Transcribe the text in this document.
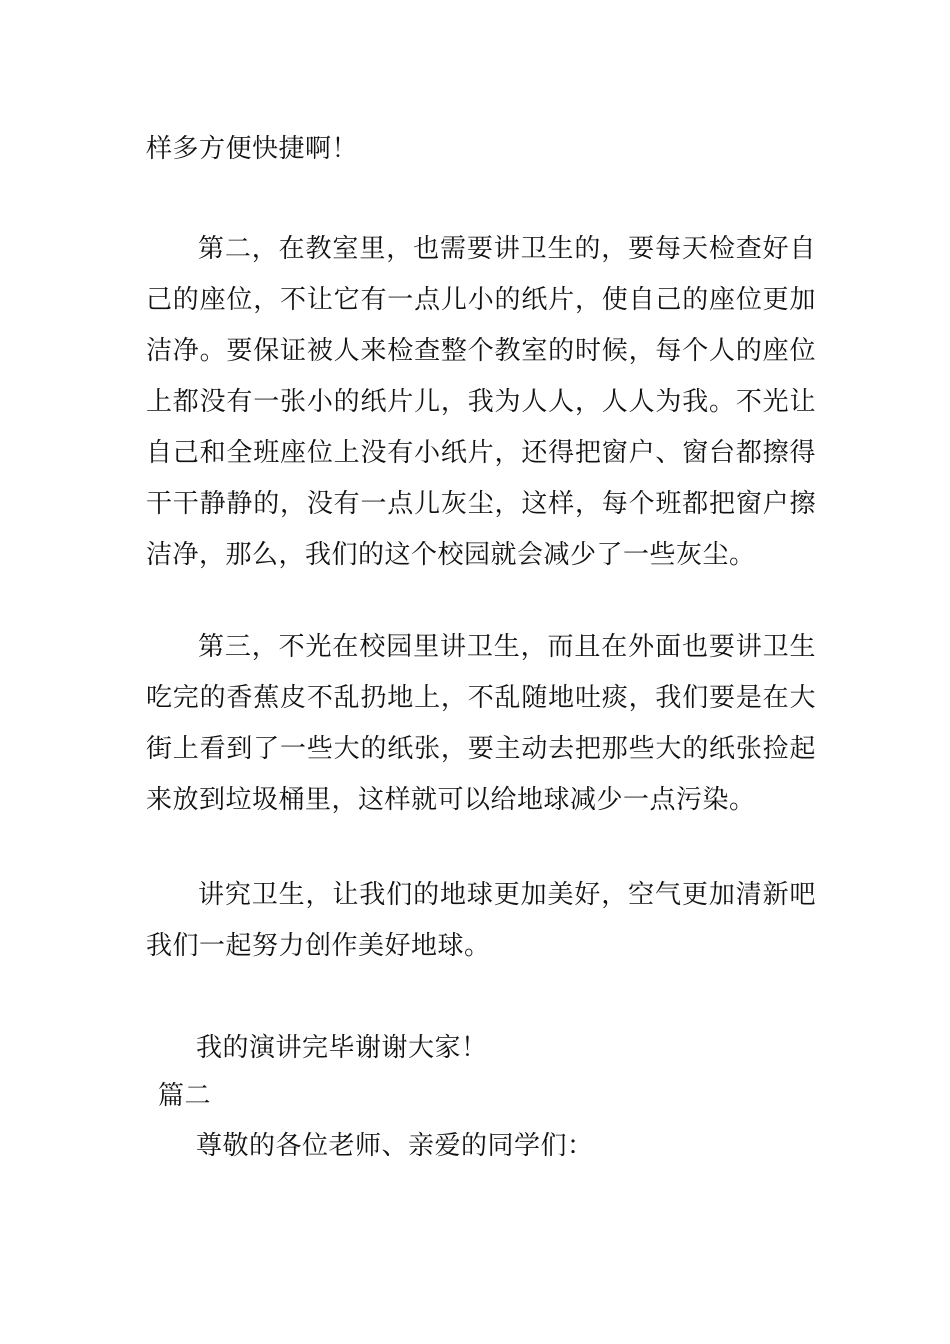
样多方便快捷啊！

第二，在教室里，也需要讲卫生的，要每天检查好自己的座位，不让它有一点儿小的纸片，使自己的座位更加洁净。要保证被人来检查整个教室的时候，每个人的座位上都没有一张小的纸片儿，我为人人，人人为我。不光让自己和全班座位上没有小纸片，还得把窗户、窗台都擦得干干静静的，没有一点儿灰尘，这样，每个班都把窗户擦洁净，那么，我们的这个校园就会减少了一些灰尘。

第三，不光在校园里讲卫生，而且在外面也要讲卫生吃完的香蕉皮不乱扔地上，不乱随地吐痰，我们要是在大街上看到了一些大的纸张，要主动去把那些大的纸张捡起来放到垃圾桶里，这样就可以给地球减少一点污染。

讲究卫生，让我们的地球更加美好，空气更加清新吧我们一起努力创作美好地球。

我的演讲完毕谢谢大家！

篇二

尊敬的各位老师、亲爱的同学们：
